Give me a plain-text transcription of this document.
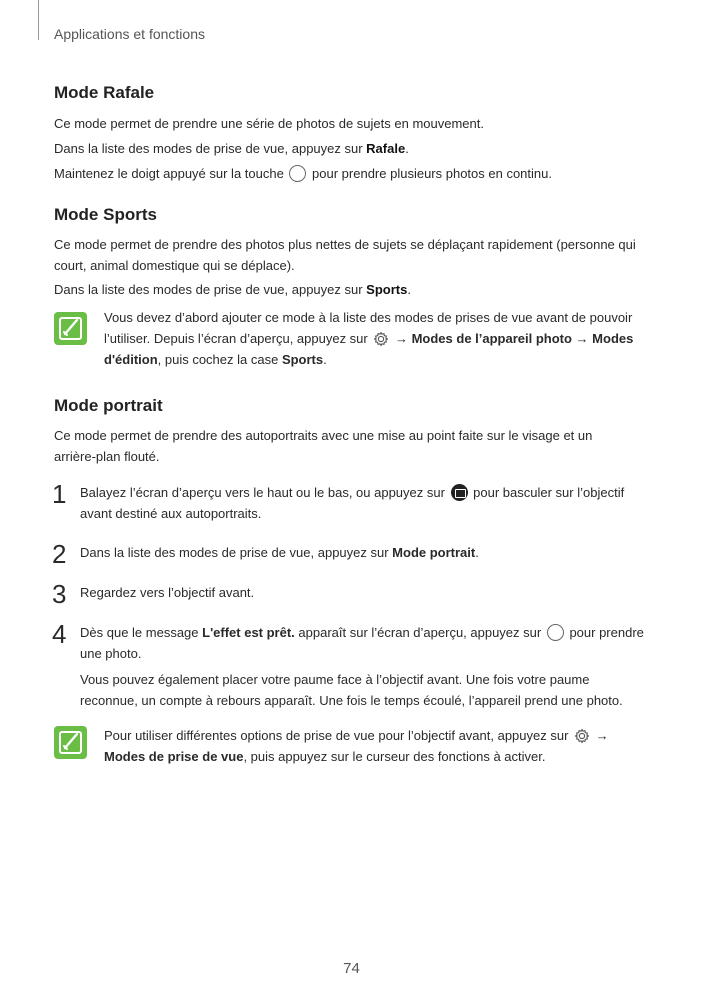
Applications et fonctions
Mode Rafale
Ce mode permet de prendre une série de photos de sujets en mouvement.
Dans la liste des modes de prise de vue, appuyez sur Rafale.
Maintenez le doigt appuyé sur la touche  pour prendre plusieurs photos en continu.
Mode Sports
Ce mode permet de prendre des photos plus nettes de sujets se déplaçant rapidement (personne qui court, animal domestique qui se déplace).
Dans la liste des modes de prise de vue, appuyez sur Sports.
Vous devez d’abord ajouter ce mode à la liste des modes de prises de vue avant de pouvoir l’utiliser. Depuis l’écran d’aperçu, appuyez sur  → Modes de l’appareil photo → Modes d'édition, puis cochez la case Sports.
Mode portrait
Ce mode permet de prendre des autoportraits avec une mise au point faite sur le visage et un arrière-plan flouté.
1 Balayez l’écran d’aperçu vers le haut ou le bas, ou appuyez sur  pour basculer sur l’objectif avant destiné aux autoportraits.
2 Dans la liste des modes de prise de vue, appuyez sur Mode portrait.
3 Regardez vers l’objectif avant.
4 Dès que le message L'effet est prêt. apparaît sur l’écran d’aperçu, appuyez sur  pour prendre une photo.
Vous pouvez également placer votre paume face à l’objectif avant. Une fois votre paume reconnue, un compte à rebours apparaît. Une fois le temps écoulé, l’appareil prend une photo.
Pour utiliser différentes options de prise de vue pour l’objectif avant, appuyez sur  → Modes de prise de vue, puis appuyez sur le curseur des fonctions à activer.
74
